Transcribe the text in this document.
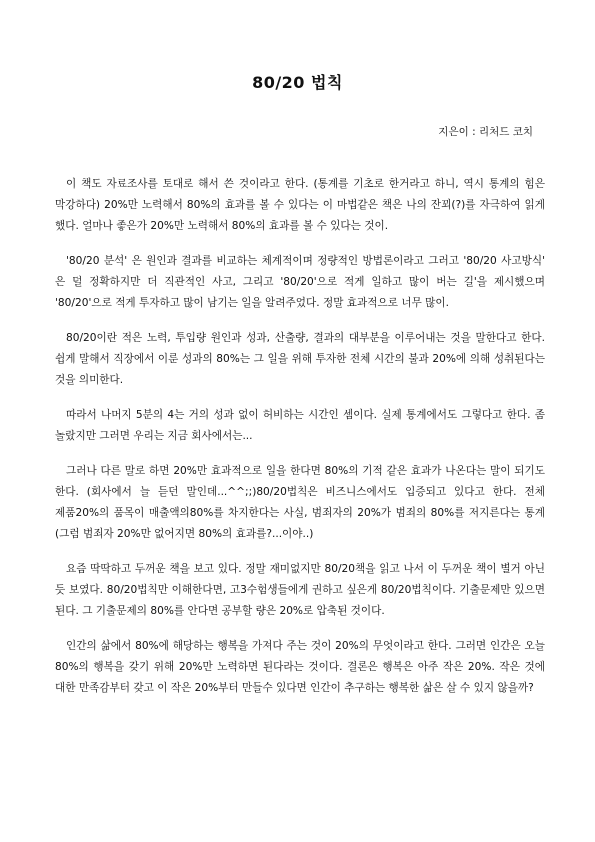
80/20 법칙
지은이 : 리처드 코치

이 책도 자료조사를 토대로 해서 쓴 것이라고 한다. (통계를 기초로 한거라고 하니, 역시 통계의 힘은 막강하다) 20%만 노력해서 80%의 효과를 볼 수 있다는 이 마법같은 책은 나의 잔꾀(?)를 자극하여 읽게 했다. 얼마나 좋은가 20%만 노력해서 80%의 효과를 볼 수 있다는 것이.

'80/20 분석' 은 원인과 결과를 비교하는 체계적이며 정량적인 방법론이라고 그러고 '80/20 사고방식' 은 덜 정확하지만 더 직관적인 사고, 그리고 '80/20'으로 적게 일하고 많이 버는 길'을 제시했으며 '80/20'으로 적게 투자하고 많이 남기는 일을 알려주었다. 정말 효과적으로 너무 많이.

80/20이란 적은 노력, 투입량 원인과 성과, 산출량, 결과의 대부분을 이루어내는 것을 말한다고 한다. 쉽게 말해서 직장에서 이룬 성과의 80%는 그 일을 위해 투자한 전체 시간의 불과 20%에 의해 성취된다는 것을 의미한다.

따라서 나머지 5분의 4는 거의 성과 없이 허비하는 시간인 셈이다. 실제 통계에서도 그렇다고 한다. 좀 놀랐지만 그러면 우리는 지금 회사에서는...

그러나 다른 말로 하면 20%만 효과적으로 일을 한다면 80%의 기적 같은 효과가 나온다는 말이 되기도 한다. (회사에서 늘 듣던 말인데...^^;;)80/20법칙은 비즈니스에서도 입증되고 있다고 한다. 전체 제품20%의 품목이 매출액의80%를 차지한다는 사실, 범죄자의 20%가 범죄의 80%를 저지른다는 통계(그럼 범죄자 20%만 없어지면 80%의 효과를?...이야..)

요즘 딱딱하고 두꺼운 책을 보고 있다. 정말 재미없지만 80/20책을 읽고 나서 이 두꺼운 책이 별거 아닌 듯 보였다. 80/20법칙만 이해한다면, 고3수험생들에게 권하고 싶은게 80/20법칙이다. 기출문제만 있으면 된다. 그 기출문제의 80%를 안다면 공부할 량은 20%로 압축된 것이다.

인간의 삶에서 80%에 해당하는 행복을 가져다 주는 것이 20%의 무엇이라고 한다. 그러면 인간은 오늘 80%의 행복을 갖기 위해 20%만 노력하면 된다라는 것이다. 결론은 행복은 아주 작은 20%. 작은 것에 대한 만족감부터 갖고 이 작은 20%부터 만들수 있다면 인간이 추구하는 행복한 삶은 살 수 있지 않을까?
